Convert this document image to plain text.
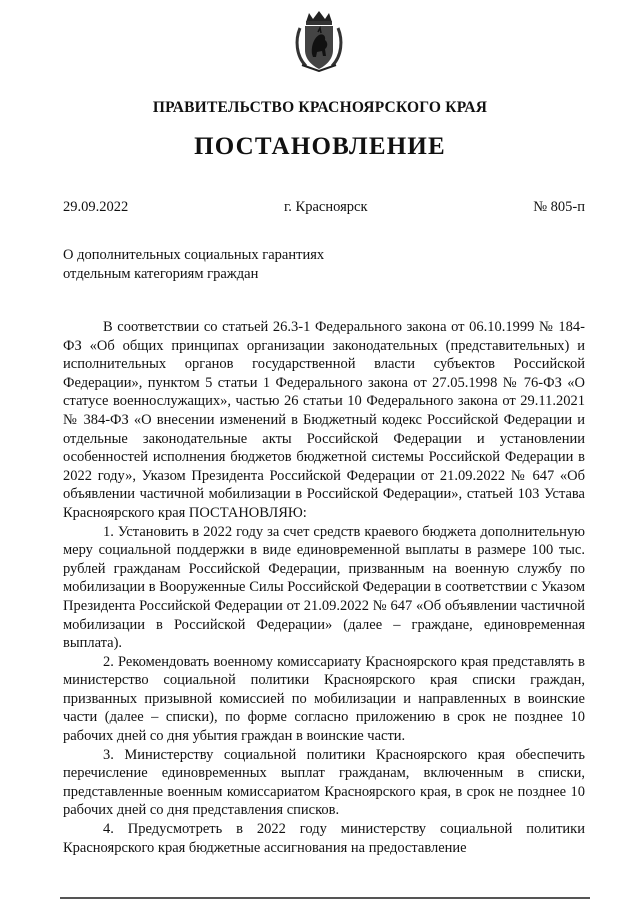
ПРАВИТЕЛЬСТВО КРАСНОЯРСКОГО КРАЯ
ПОСТАНОВЛЕНИЕ
29.09.2022	г. Красноярск	№ 805-п
О дополнительных социальных гарантиях
отдельным категориям граждан

В соответствии со статьей 26.3-1 Федерального закона от 06.10.1999 № 184-ФЗ «Об общих принципах организации законодательных (представительных) и исполнительных органов государственной власти субъектов Российской Федерации», пунктом 5 статьи 1 Федерального закона от 27.05.1998 № 76-ФЗ «О статусе военнослужащих», частью 26 статьи 10 Федерального закона от 29.11.2021 № 384-ФЗ «О внесении изменений в Бюджетный кодекс Российской Федерации и отдельные законодательные акты Российской Федерации и установлении особенностей исполнения бюджетов бюджетной системы Российской Федерации в 2022 году», Указом Президента Российской Федерации от 21.09.2022 № 647 «Об объявлении частичной мобилизации в Российской Федерации», статьей 103 Устава Красноярского края ПОСТАНОВЛЯЮ:

1. Установить в 2022 году за счет средств краевого бюджета дополнительную меру социальной поддержки в виде единовременной выплаты в размере 100 тыс. рублей гражданам Российской Федерации, призванным на военную службу по мобилизации в Вооруженные Силы Российской Федерации в соответствии с Указом Президента Российской Федерации от 21.09.2022 № 647 «Об объявлении частичной мобилизации в Российской Федерации» (далее – граждане, единовременная выплата).

2. Рекомендовать военному комиссариату Красноярского края представлять в министерство социальной политики Красноярского края списки граждан, призванных призывной комиссией по мобилизации и направленных в воинские части (далее – списки), по форме согласно приложению в срок не позднее 10 рабочих дней со дня убытия граждан в воинские части.

3. Министерству социальной политики Красноярского края обеспечить перечисление единовременных выплат гражданам, включенным в списки, представленные военным комиссариатом Красноярского края, в срок не позднее 10 рабочих дней со дня представления списков.

4. Предусмотреть в 2022 году министерству социальной политики Красноярского края бюджетные ассигнования на предоставление
